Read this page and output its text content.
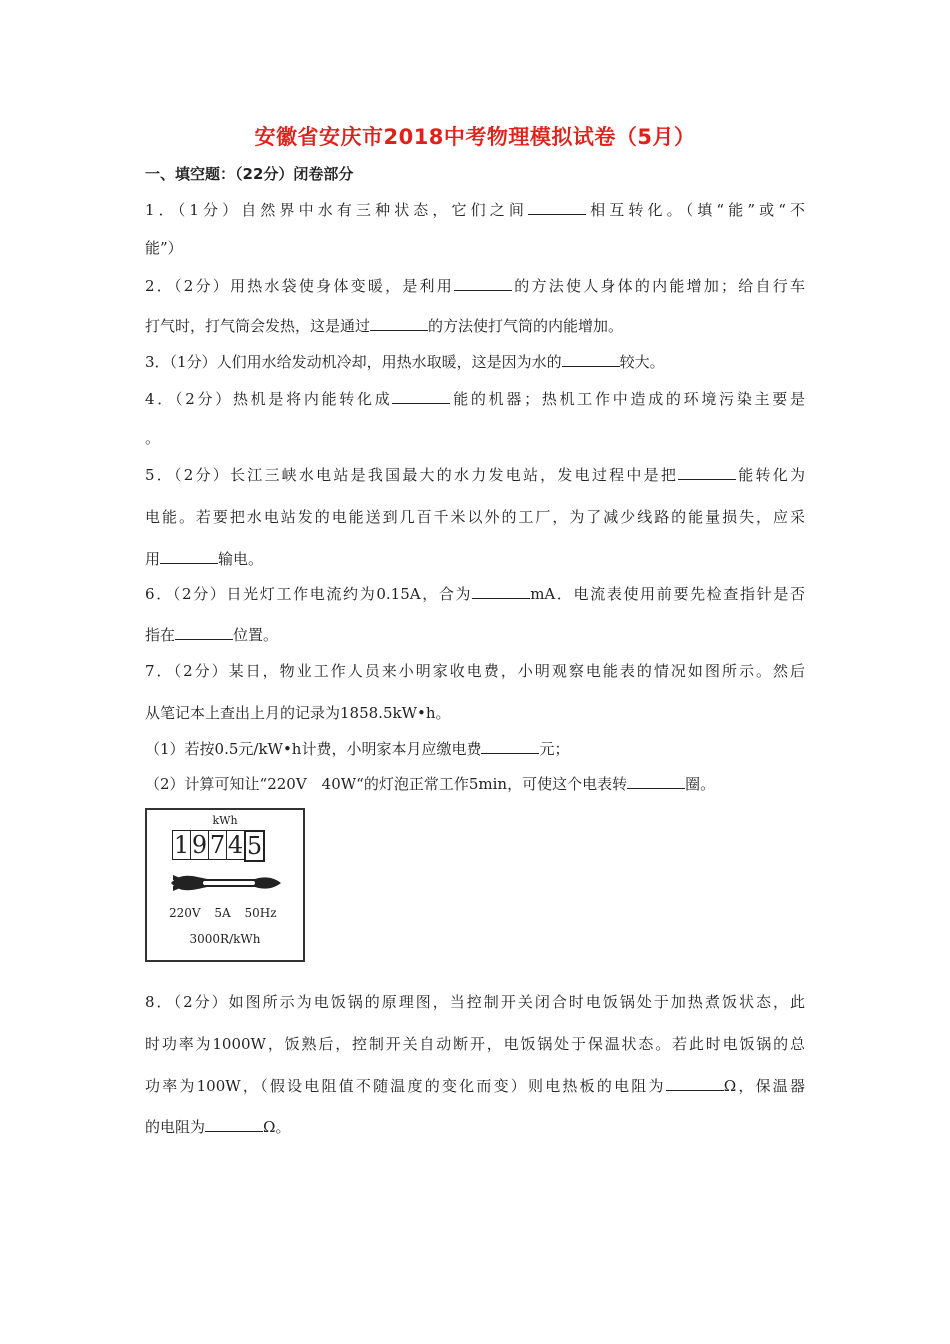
安徽省安庆市2018中考物理模拟试卷（5月）
一、填空题：（22分）闭卷部分
1．（1分）自然界中水有三种状态，它们之间	相互转化。（填“能”或“不
能”）
2．（2分）用热水袋使身体变暖，是利用	的方法使人身体的内能增加；给自行车
打气时，打气筒会发热，这是通过	的方法使打气筒的内能增加。
3．（1分）人们用水给发动机冷却，用热水取暖，这是因为水的	较大。
4．（2分）热机是将内能转化成	能的机器；热机工作中造成的环境污染主要是
。
5．（2分）长江三峡水电站是我国最大的水力发电站，发电过程中是把	能转化为
电能。若要把水电站发的电能送到几百千米以外的工厂，为了减少线路的能量损失，应采
用	输电。
6．（2分）日光灯工作电流约为0.15A，合为	mA．电流表使用前要先检查指针是否
指在	位置。
7．（2分）某日，物业工作人员来小明家收电费，小明观察电能表的情况如图所示。然后
从笔记本上查出上月的记录为1858.5kW•h。
（1）若按0.5元/kW•h计费，小明家本月应缴电费	元；
（2）计算可知让“220V　40W“的灯泡正常工作5min，可使这个电表转	圈。
kWh
1 9 7 4 5
220V 5A 50Hz
3000R/kWh
8．（2分）如图所示为电饭锅的原理图，当控制开关闭合时电饭锅处于加热煮饭状态，此
时功率为1000W，饭熟后，控制开关自动断开，电饭锅处于保温状态。若此时电饭锅的总
功率为100W，（假设电阻值不随温度的变化而变）则电热板的电阻为	Ω，保温器
的电阻为	Ω。
